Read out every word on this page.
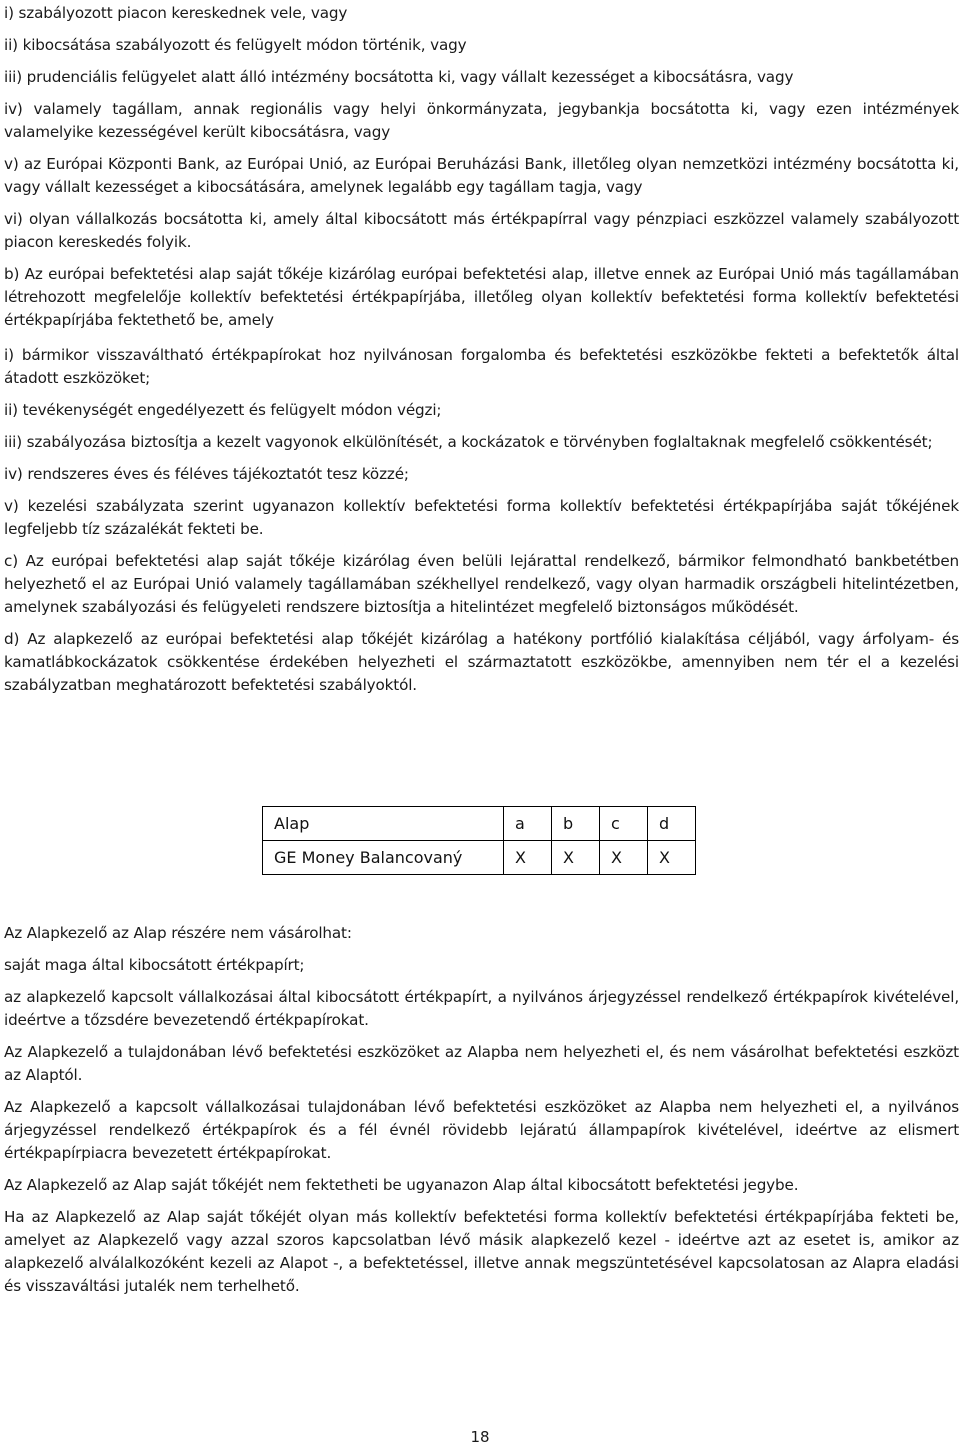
i) szabályozott piacon kereskednek vele, vagy

ii) kibocsátása szabályozott és felügyelt módon történik, vagy

iii) prudenciális felügyelet alatt álló intézmény bocsátotta ki, vagy vállalt kezességet a kibocsátásra, vagy

iv) valamely tagállam, annak regionális vagy helyi önkormányzata, jegybankja bocsátotta ki, vagy ezen intézmények valamelyike kezességével került kibocsátásra, vagy

v) az Európai Központi Bank, az Európai Unió, az Európai Beruházási Bank, illetőleg olyan nemzetközi intézmény bocsátotta ki, vagy vállalt kezességet a kibocsátására, amelynek legalább egy tagállam tagja, vagy

vi) olyan vállalkozás bocsátotta ki, amely által kibocsátott más értékpapírral vagy pénzpiaci eszközzel valamely szabályozott piacon kereskedés folyik.

b) Az európai befektetési alap saját tőkéje kizárólag európai befektetési alap, illetve ennek az Európai Unió más tagállamában létrehozott megfelelője kollektív befektetési értékpapírjába, illetőleg olyan kollektív befektetési forma kollektív befektetési értékpapírjába fektethető be, amely

i) bármikor visszaváltható értékpapírokat hoz nyilvánosan forgalomba és befektetési eszközökbe fekteti a befektetők által átadott eszközöket;

ii) tevékenységét engedélyezett és felügyelt módon végzi;

iii) szabályozása biztosítja a kezelt vagyonok elkülönítését, a kockázatok e törvényben foglaltaknak megfelelő csökkentését;

iv) rendszeres éves és féléves tájékoztatót tesz közzé;

v) kezelési szabályzata szerint ugyanazon kollektív befektetési forma kollektív befektetési értékpapírjába saját tőkéjének legfeljebb tíz százalékát fekteti be.

c) Az európai befektetési alap saját tőkéje kizárólag éven belüli lejárattal rendelkező, bármikor felmondható bankbetétben helyezhető el az Európai Unió valamely tagállamában székhellyel rendelkező, vagy olyan harmadik országbeli hitelintézetben, amelynek szabályozási és felügyeleti rendszere biztosítja a hitelintézet megfelelő biztonságos működését.

d) Az alapkezelő az európai befektetési alap tőkéjét kizárólag a hatékony portfólió kialakítása céljából, vagy árfolyam- és kamatlábkockázatok csökkentése érdekében helyezheti el származtatott eszközökbe, amennyiben nem tér el a kezelési szabályzatban meghatározott befektetési szabályoktól.

Alap	a	b	c	d
GE Money Balancovaný	X	X	X	X

Az Alapkezelő az Alap részére nem vásárolhat:

saját maga által kibocsátott értékpapírt;

az alapkezelő kapcsolt vállalkozásai által kibocsátott értékpapírt, a nyilvános árjegyzéssel rendelkező értékpapírok kivételével, ideértve a tőzsdére bevezetendő értékpapírokat.

Az Alapkezelő a tulajdonában lévő befektetési eszközöket az Alapba nem helyezheti el, és nem vásárolhat befektetési eszközt az Alaptól.

Az Alapkezelő a kapcsolt vállalkozásai tulajdonában lévő befektetési eszközöket az Alapba nem helyezheti el, a nyilvános árjegyzéssel rendelkező értékpapírok és a fél évnél rövidebb lejáratú állampapírok kivételével, ideértve az elismert értékpapírpiacra bevezetett értékpapírokat.

Az Alapkezelő az Alap saját tőkéjét nem fektetheti be ugyanazon Alap által kibocsátott befektetési jegybe.

Ha az Alapkezelő az Alap saját tőkéjét olyan más kollektív befektetési forma kollektív befektetési értékpapírjába fekteti be, amelyet az Alapkezelő vagy azzal szoros kapcsolatban lévő másik alapkezelő kezel - ideértve azt az esetet is, amikor az alapkezelő alválalkozóként kezeli az Alapot -, a befektetéssel, illetve annak megszüntetésével kapcsolatosan az Alapra eladási és visszaváltási jutalék nem terhelhető.

18
